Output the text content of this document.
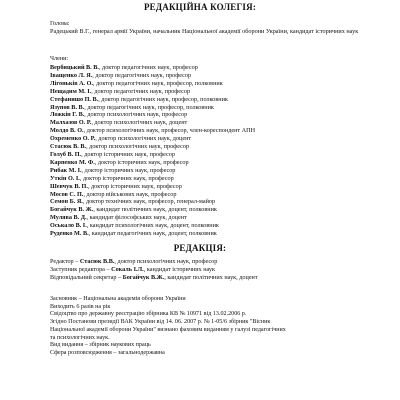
РЕДАКЦІЙНА КОЛЕГІЯ:
Голова:
Радецький В.Г., генерал армії України, начальник Національної академії оборони України, кандидат історичних наук
Члени:
Вербицький В. В., доктор педагогічних наук, професор
Іващенко Л. Я., доктор педагогічних наук, професор
Лігоньків А. О., доктор педагогічних наук, професор, полковник
Нещадим М. І., доктор педагогічних наук, професор
Стефанишо П. В., доктор педагогічних наук, професор, полковник
Язупов В. В., доктор педагогічних наук, професор, полковник
Ложкін Г. В., доктор психологічних наук, професор
Малхазов О. Р., доктор психологічних наук, доцент
Молдо В. О., доктор психологічних наук, професор, член-кореспондент АПН
Охременко О. Р., доктор психологічних наук, доцент
Стасюк В. В., доктор психологічних наук, професор
Голуб В. П., доктор історичних наук, професор
Карпенко М. Ф., доктор історичних наук, професор
Рибак М. І., доктор історичних наук, професор
Уткін О. І., доктор історичних наук, професор
Шевчук В. П., доктор історичних наук, професор
Мосов С. П., доктор військових наук, професор
Семон Б. Я., доктор технічних наук, професор, генерал-майор
Богайчук В. Ж., кандидат політичних наук, доцент, полковник
Мулява В. Д., кандидат філософських наук, доцент
Оськало В. І., кандидат психологічних наук, доцент, полковник
Руденко М. В., кандидат педагогічних наук, доцент, полковник
РЕДАКЦІЯ:
Редактор – Стасюк В.В., доктор психологічних наук, професор
Заступник редактора – Сокаль І.Л., кандидат історичних наук
Відповідальний секретар – Богайчук В.Ж., кандидат політичних наук, доцент
Засновник – Національна академія оборони України
Виходить 6 разів на рік
Свідоцтво про державну реєстрацію збірника КВ № 10971 від 13.02.2006 р.
Згідно Постанови президії ВАК України від 14. 06. 2007 р. № 1-05/6 збірник "Вісник
Національної академії оборони України" визнано фаховим виданням у галузі педагогічних
та психологічних наук.
Вид видання – збірник наукових праць
Сфера розповсюдження – загальнодержавна
